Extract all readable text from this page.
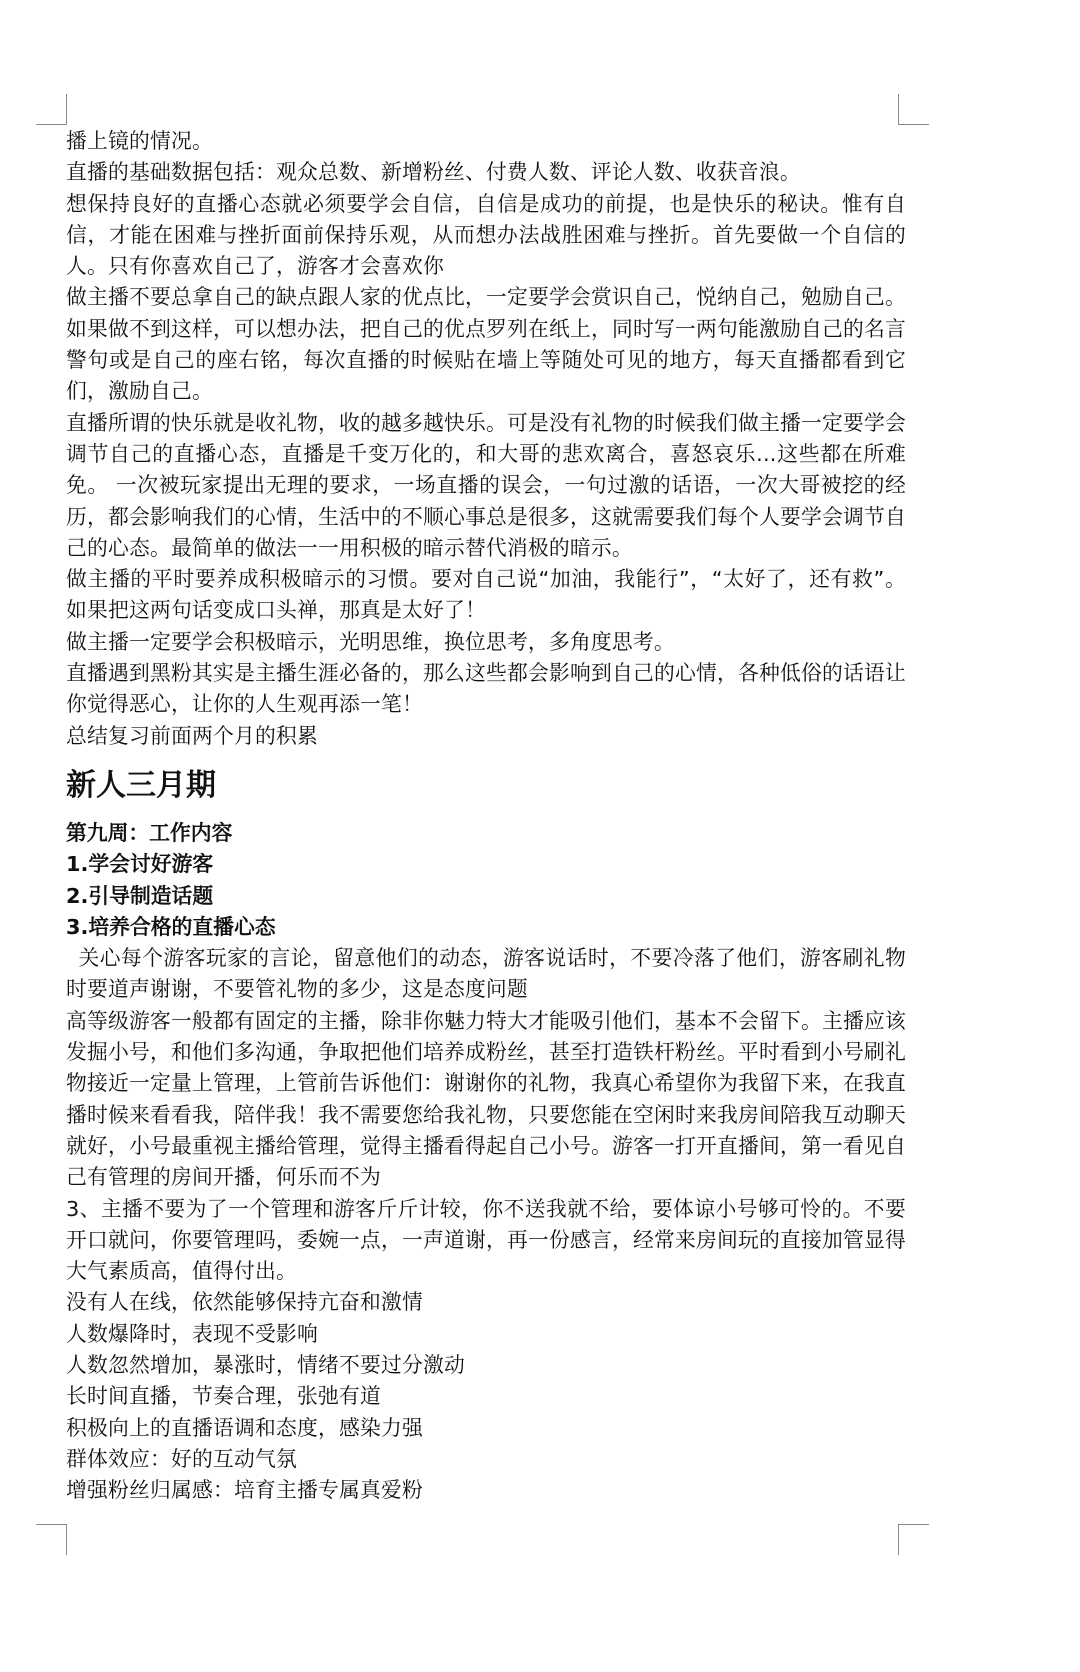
播上镜的情况。

直播的基础数据包括：观众总数、新增粉丝、付费人数、评论人数、收获音浪。

想保持良好的直播心态就必须要学会自信，自信是成功的前提，也是快乐的秘诀。惟有自信，才能在困难与挫折面前保持乐观，从而想办法战胜困难与挫折。首先要做一个自信的人。只有你喜欢自己了，游客才会喜欢你

做主播不要总拿自己的缺点跟人家的优点比，一定要学会赏识自己，悦纳自己，勉励自己。如果做不到这样，可以想办法，把自己的优点罗列在纸上，同时写一两句能激励自己的名言警句或是自己的座右铭，每次直播的时候贴在墙上等随处可见的地方，每天直播都看到它们，激励自己。

直播所谓的快乐就是收礼物，收的越多越快乐。可是没有礼物的时候我们做主播一定要学会调节自己的直播心态，直播是千变万化的，和大哥的悲欢离合，喜怒哀乐...这些都在所难免。 一次被玩家提出无理的要求，一场直播的误会，一句过激的话语，一次大哥被挖的经历，都会影响我们的心情，生活中的不顺心事总是很多，这就需要我们每个人要学会调节自己的心态。最简单的做法一一用积极的暗示替代消极的暗示。

做主播的平时要养成积极暗示的习惯。要对自己说“加油，我能行”，“太好了，还有救”。如果把这两句话变成口头禅，那真是太好了！

做主播一定要学会积极暗示，光明思维，换位思考，多角度思考。

直播遇到黑粉其实是主播生涯必备的，那么这些都会影响到自己的心情，各种低俗的话语让你觉得恶心，让你的人生观再添一笔！

总结复习前面两个月的积累

新人三月期
第九周：工作内容
1.学会讨好游客
2.引导制造话题
3.培养合格的直播心态

关心每个游客玩家的言论，留意他们的动态，游客说话时，不要冷落了他们，游客刷礼物时要道声谢谢，不要管礼物的多少，这是态度问题

高等级游客一般都有固定的主播，除非你魅力特大才能吸引他们，基本不会留下。主播应该发掘小号，和他们多沟通，争取把他们培养成粉丝，甚至打造铁杆粉丝。平时看到小号刷礼物接近一定量上管理，上管前告诉他们：谢谢你的礼物，我真心希望你为我留下来，在我直播时候来看看我，陪伴我！我不需要您给我礼物，只要您能在空闲时来我房间陪我互动聊天就好，小号最重视主播给管理，觉得主播看得起自己小号。游客一打开直播间，第一看见自己有管理的房间开播，何乐而不为

3、主播不要为了一个管理和游客斤斤计较，你不送我就不给，要体谅小号够可怜的。不要开口就问，你要管理吗，委婉一点，一声道谢，再一份感言，经常来房间玩的直接加管显得大气素质高，值得付出。

没有人在线，依然能够保持亢奋和激情

人数爆降时，表现不受影响

人数忽然增加，暴涨时，情绪不要过分激动

长时间直播，节奏合理，张弛有道

积极向上的直播语调和态度，感染力强

群体效应：好的互动气氛

增强粉丝归属感：培育主播专属真爱粉
